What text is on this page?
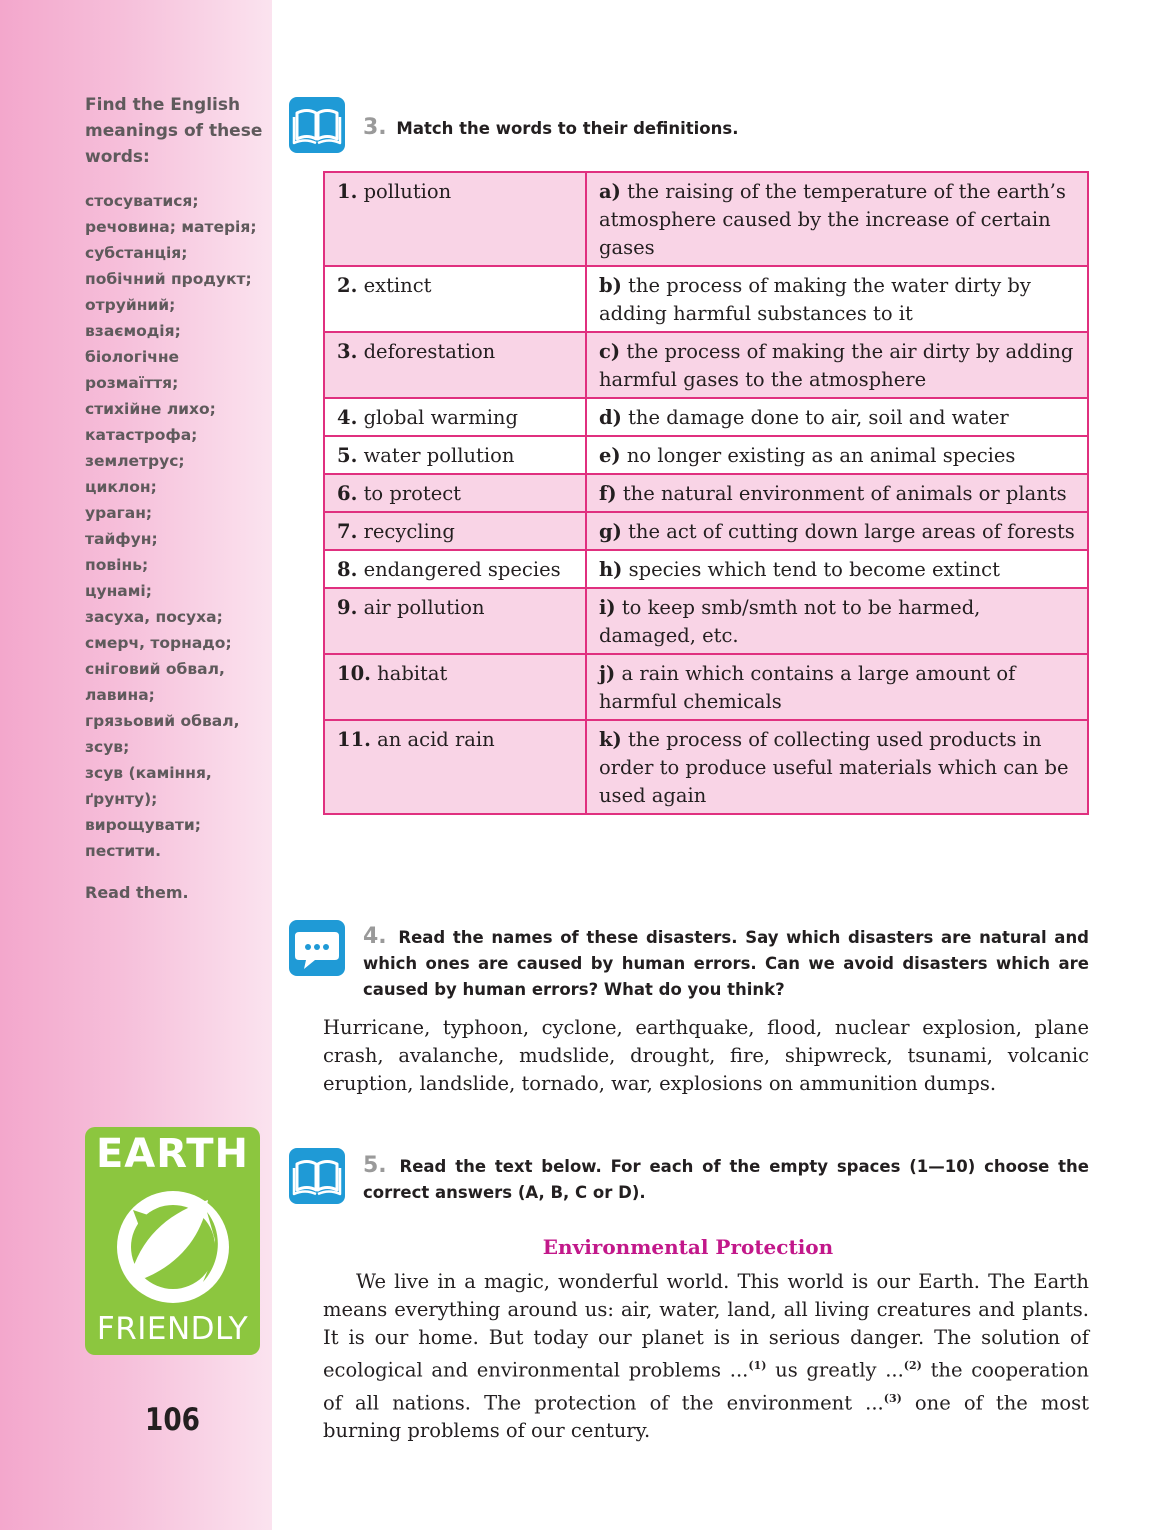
Find the English meanings of these words:
стосуватися;
речовина; матерія;
субстанція;
побічний продукт;
отруйний;
взаємодія;
біологічне
розмаїття;
стихійне лихо;
катастрофа;
землетрус;
циклон;
ураган;
тайфун;
повінь;
цунамі;
засуха, посуха;
смерч, торнадо;
сніговий обвал,
лавина;
грязьовий обвал,
зсув;
зсув (каміння,
ґрунту);
вирощувати;
пестити.
Read them.
EARTH
FRIENDLY
106
3. Match the words to their definitions.
1. pollution	a) the raising of the temperature of the earth’s atmosphere caused by the increase of certain gases
2. extinct	b) the process of making the water dirty by adding harmful substances to it
3. deforestation	c) the process of making the air dirty by adding harmful gases to the atmosphere
4. global warming	d) the damage done to air, soil and water
5. water pollution	e) no longer existing as an animal species
6. to protect	f) the natural environment of animals or plants
7. recycling	g) the act of cutting down large areas of forests
8. endangered species	h) species which tend to become extinct
9. air pollution	i) to keep smb/smth not to be harmed, damaged, etc.
10. habitat	j) a rain which contains a large amount of harmful chemicals
11. an acid rain	k) the process of collecting used products in order to produce useful materials which can be used again
4. Read the names of these disasters. Say which disasters are natural and which ones are caused by human errors. Can we avoid disasters which are caused by human errors? What do you think?
Hurricane, typhoon, cyclone, earthquake, flood, nuclear explosion, plane crash, avalanche, mudslide, drought, fire, shipwreck, tsunami, volcanic eruption, landslide, tornado, war, explosions on ammunition dumps.
5. Read the text below. For each of the empty spaces (1—10) choose the correct answers (A, B, C or D).
Environmental Protection
We live in a magic, wonderful world. This world is our Earth. The Earth means everything around us: air, water, land, all living creatures and plants. It is our home. But today our planet is in serious danger. The solution of ecological and environmental problems ...$^{(1)}$ us greatly ...$^{(2)}$ the cooperation of all nations. The protection of the environment ...$^{(3)}$ one of the most burning problems of our century.
